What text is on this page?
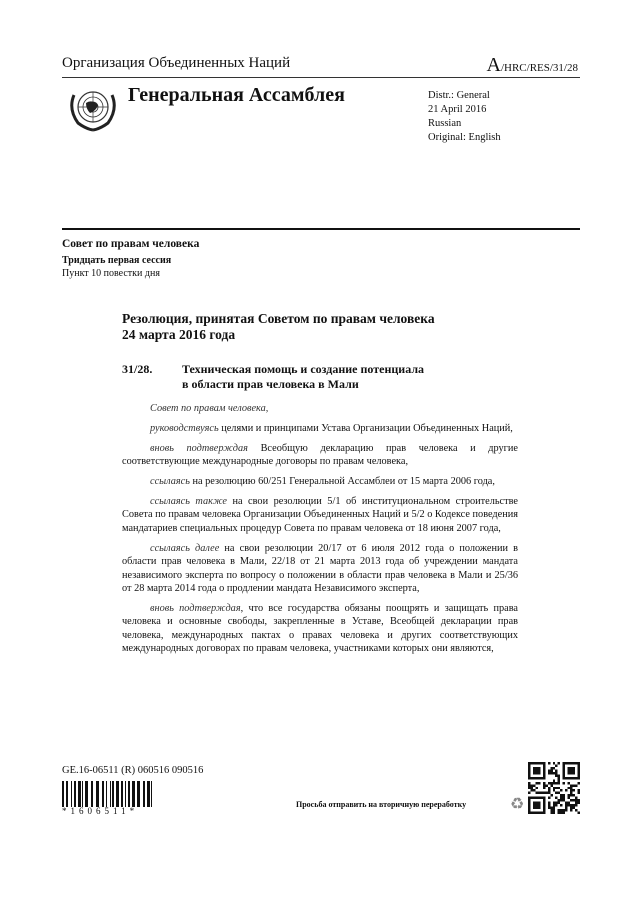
Организация Объединенных Наций	A/HRC/RES/31/28
Генеральная Ассамблея	Distr.: General
21 April 2016
Russian
Original: English
Совет по правам человека
Тридцать первая сессия
Пункт 10 повестки дня
Резолюция, принятая Советом по правам человека
24 марта 2016 года
31/28. Техническая помощь и создание потенциала
в области прав человека в Мали

Совет по правам человека,

руководствуясь целями и принципами Устава Организации Объединенных Наций,

вновь подтверждая Всеобщую декларацию прав человека и другие соответствующие международные договоры по правам человека,

ссылаясь на резолюцию 60/251 Генеральной Ассамблеи от 15 марта 2006 года,

ссылаясь также на свои резолюции 5/1 об институциональном строительстве Совета по правам человека Организации Объединенных Наций и 5/2 о Кодексе поведения мандатариев специальных процедур Совета по правам человека от 18 июня 2007 года,

ссылаясь далее на свои резолюции 20/17 от 6 июля 2012 года о положении в области прав человека в Мали, 22/18 от 21 марта 2013 года об учреждении мандата независимого эксперта по вопросу о положении в области прав человека в Мали и 25/36 от 28 марта 2014 года о продлении мандата Независимого эксперта,

вновь подтверждая, что все государства обязаны поощрять и защищать права человека и основные свободы, закрепленные в Уставе, Всеобщей декларации прав человека, международных пактах о правах человека и других соответствующих международных договорах по правам человека, участниками которых они являются,

GE.16-06511 (R) 060516 090516
*1606511*
Просьба отправить на вторичную переработку	♻
